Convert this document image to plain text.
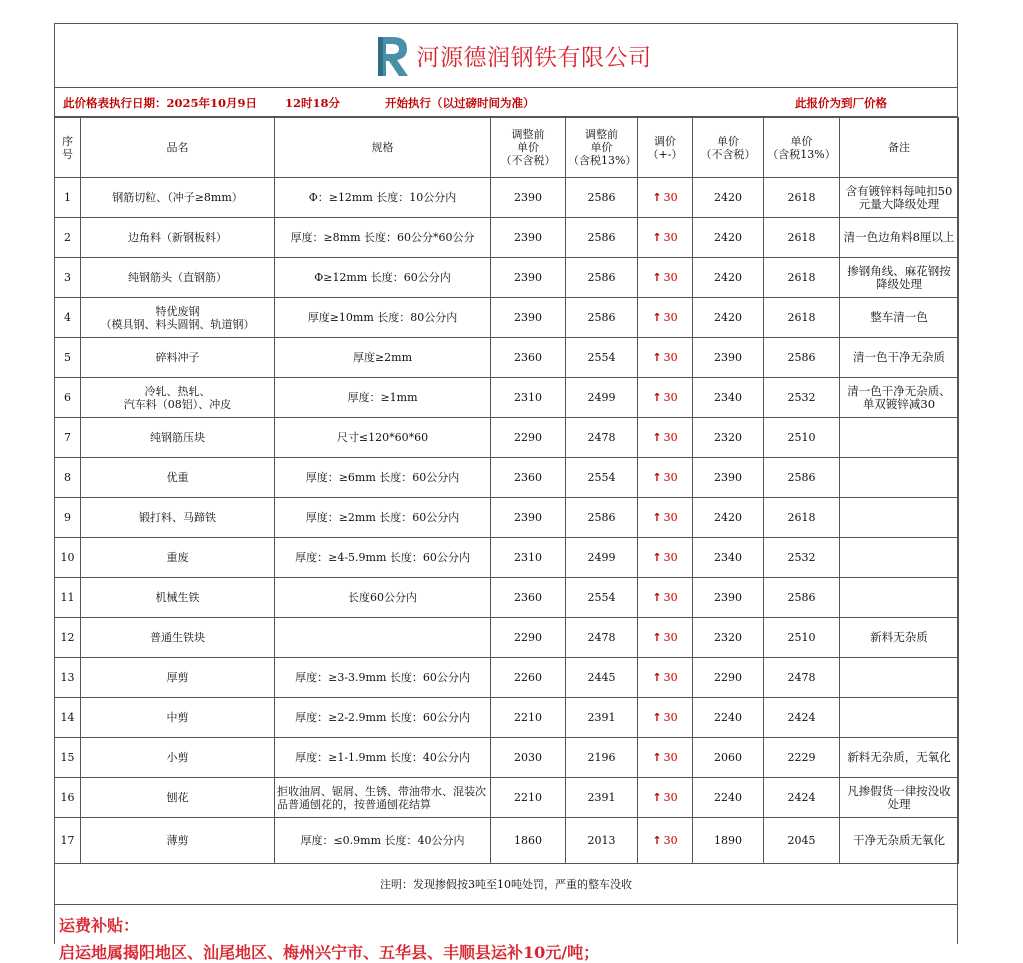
河源德润钢铁有限公司
此价格表执行日期：2025年10月9日 12时18分	开始执行（以过磅时间为准）	此报价为到厂价格
序号	品名	规格	调整前
单价
（不含税）	调整前
单价
（含税13%）	调价
（+-）	单价
（不含税）	单价
（含税13%）	备注
1	钢筋切粒、（冲子≥8mm）	Φ：≥12mm 长度：10公分内	2390	2586	↑ 30	2420	2618	含有镀锌料每吨扣50元量大降级处理
2	边角料（新钢板料）	厚度：≥8mm 长度：60公分*60公分	2390	2586	↑ 30	2420	2618	清一色边角料8厘以上
3	纯钢筋头（直钢筋）	Φ≥12mm 长度：60公分内	2390	2586	↑ 30	2420	2618	掺钢角线、麻花钢按降级处理
4	特优废钢
（模具钢、料头圆钢、轨道钢）	厚度≥10mm 长度：80公分内	2390	2586	↑ 30	2420	2618	整车清一色
5	碎料冲子	厚度≥2mm	2360	2554	↑ 30	2390	2586	清一色干净无杂质
6	冷轧、热轧、
汽车料（08铝）、冲皮	厚度：≥1mm	2310	2499	↑ 30	2340	2532	清一色干净无杂质、单双镀锌减30
7	纯钢筋压块	尺寸≤120*60*60	2290	2478	↑ 30	2320	2510	
8	优重	厚度：≥6mm 长度：60公分内	2360	2554	↑ 30	2390	2586	
9	锻打料、马蹄铁	厚度：≥2mm 长度：60公分内	2390	2586	↑ 30	2420	2618	
10	重废	厚度：≥4-5.9mm 长度：60公分内	2310	2499	↑ 30	2340	2532	
11	机械生铁	长度60公分内	2360	2554	↑ 30	2390	2586	
12	普通生铁块		2290	2478	↑ 30	2320	2510	新料无杂质
13	厚剪	厚度：≥3-3.9mm 长度：60公分内	2260	2445	↑ 30	2290	2478	
14	中剪	厚度：≥2-2.9mm 长度：60公分内	2210	2391	↑ 30	2240	2424	
15	小剪	厚度：≥1-1.9mm 长度：40公分内	2030	2196	↑ 30	2060	2229	新料无杂质，无氧化
16	刨花	拒收油屑、锯屑、生锈、带油带水、混装次品普通刨花的，按普通刨花结算	2210	2391	↑ 30	2240	2424	凡掺假货一律按没收处理
17	薄剪	厚度：≤0.9mm 长度：40公分内	1860	2013	↑ 30	1890	2045	干净无杂质无氧化
注明：发现掺假按3吨至10吨处罚，严重的整车没收
运费补贴：
启运地属揭阳地区、汕尾地区、梅州兴宁市、五华县、丰顺县运补10元/吨；
